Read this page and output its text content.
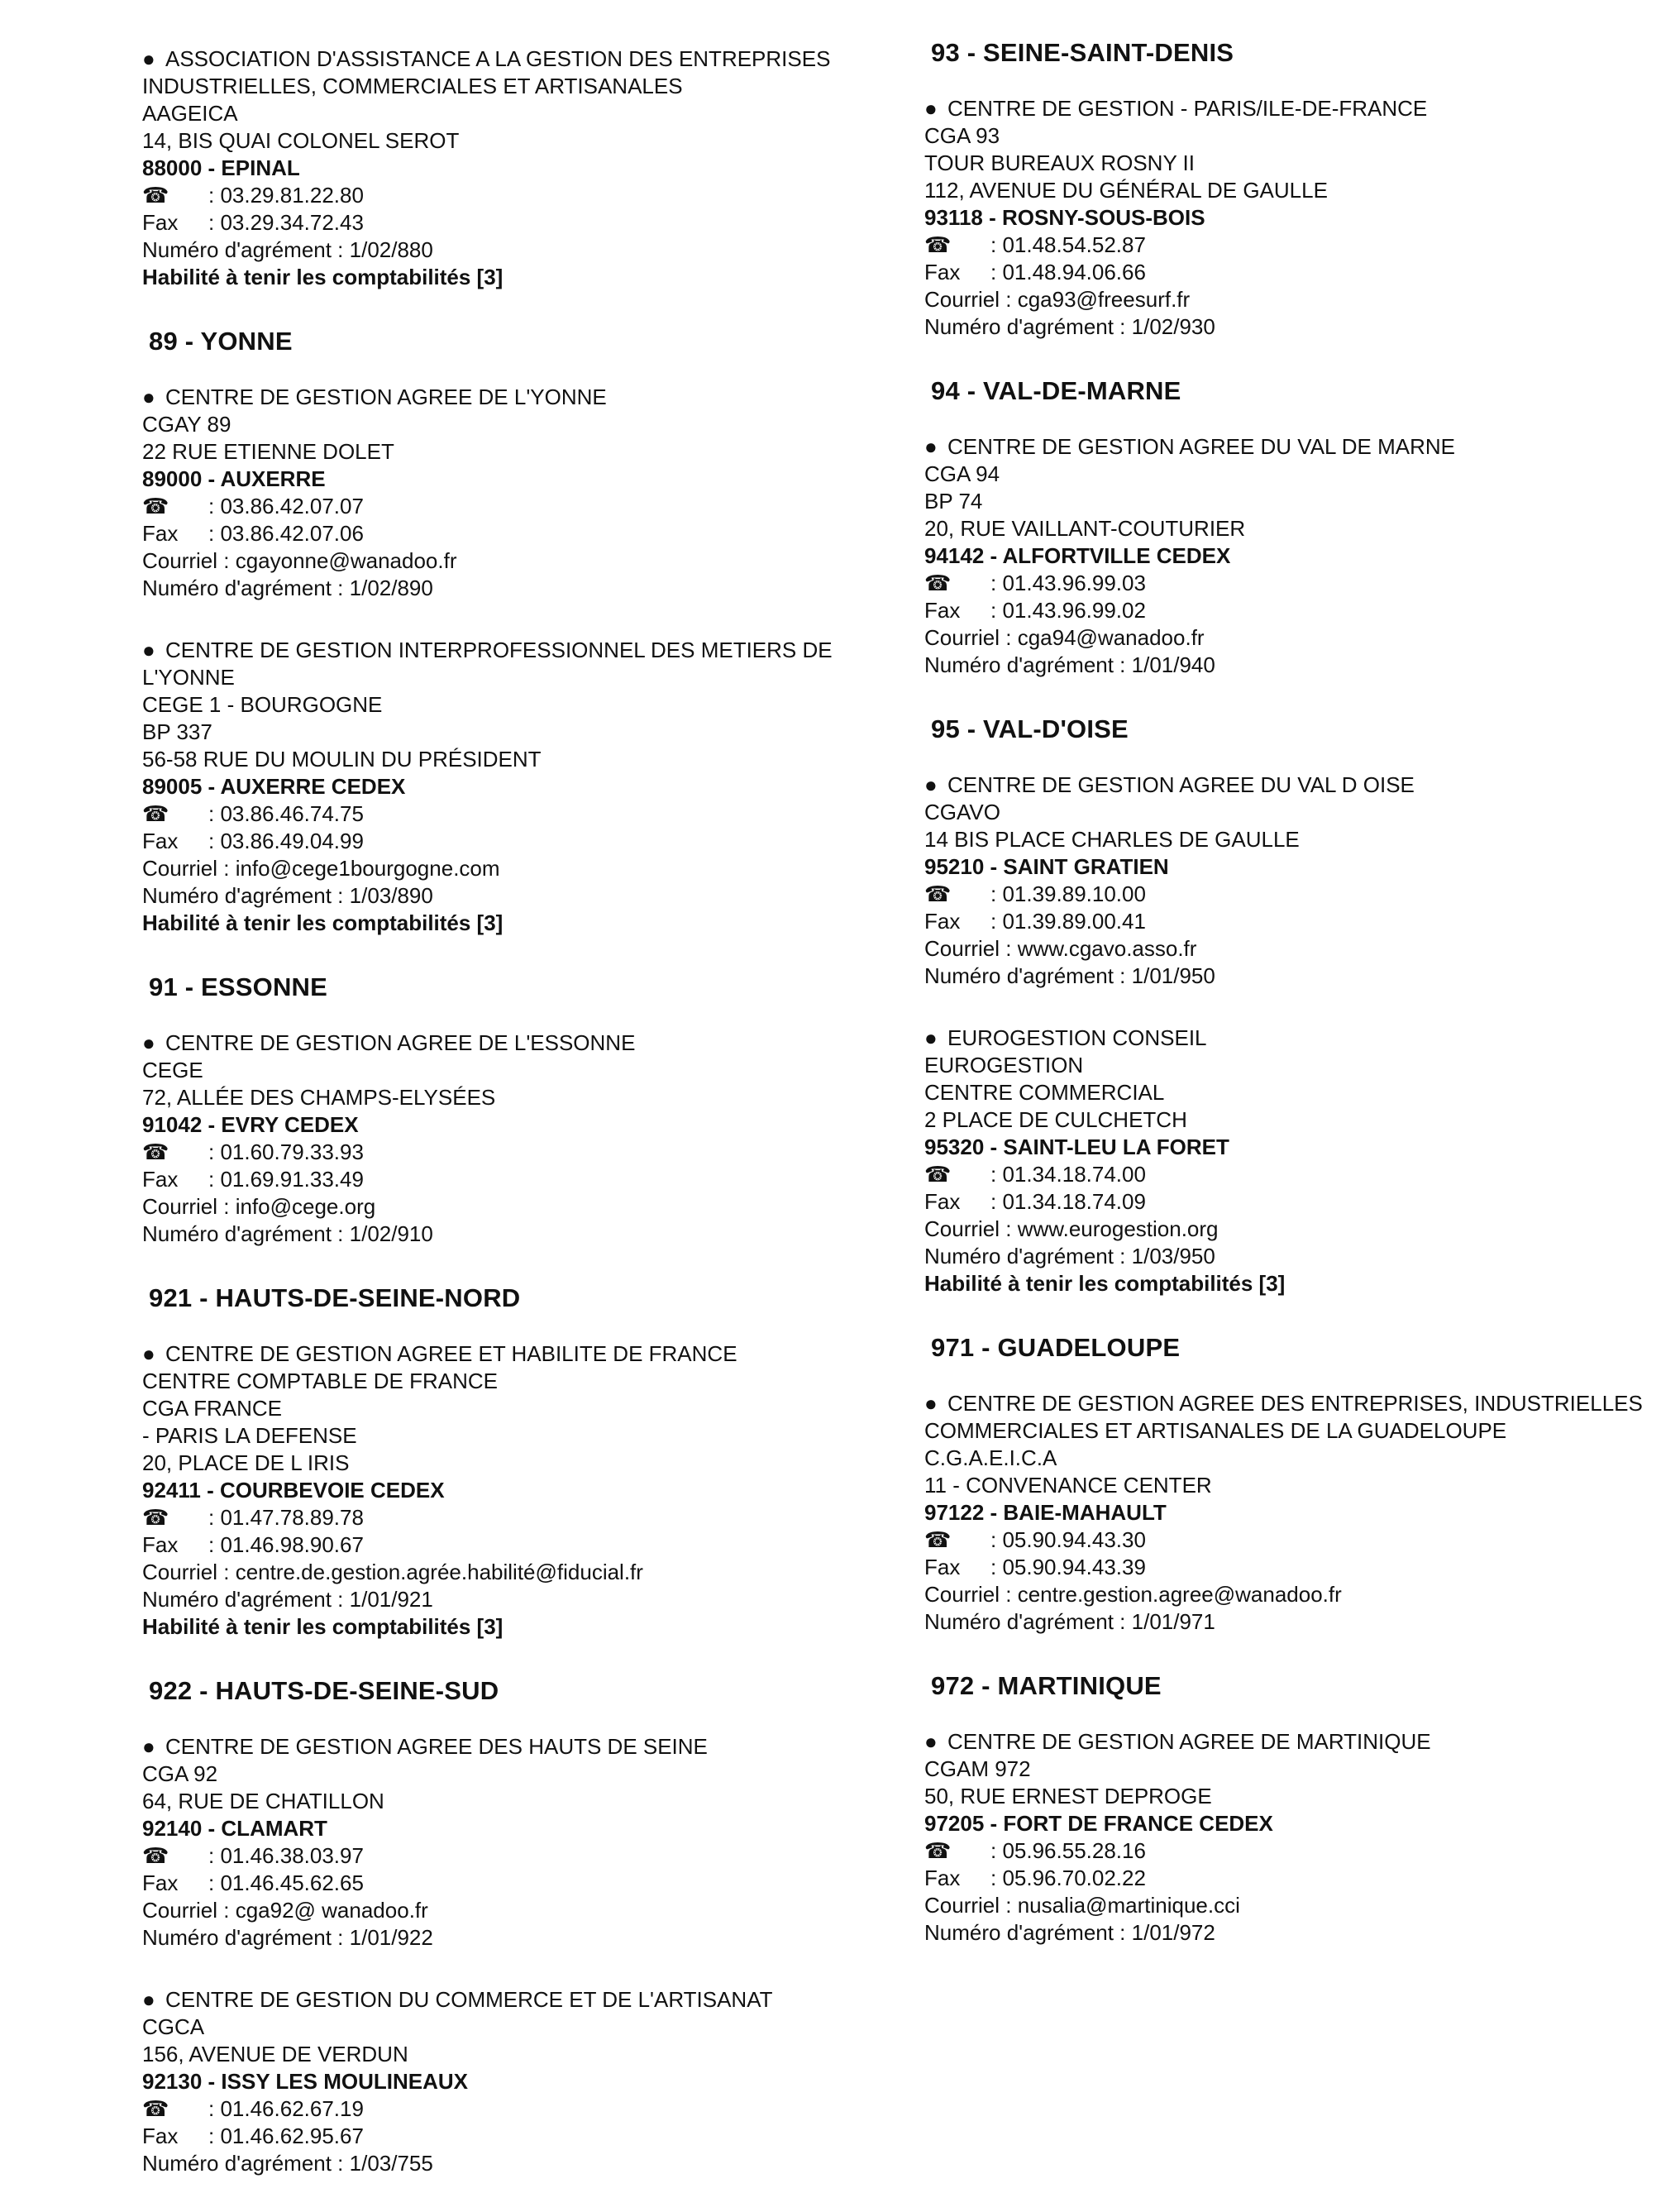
● ASSOCIATION D'ASSISTANCE A LA GESTION DES ENTREPRISES INDUSTRIELLES, COMMERCIALES ET ARTISANALES
AAGEICA
14, BIS QUAI COLONEL SEROT
88000 - EPINAL
☎	: 03.29.81.22.80
Fax	: 03.29.34.72.43
Numéro d'agrément : 1/02/880
Habilité à tenir les comptabilités [3]
89 - YONNE
● CENTRE DE GESTION AGREE DE L'YONNE
CGAY 89
22 RUE ETIENNE DOLET
89000 - AUXERRE
☎	: 03.86.42.07.07
Fax	: 03.86.42.07.06
Courriel : cgayonne@wanadoo.fr
Numéro d'agrément : 1/02/890
● CENTRE DE GESTION INTERPROFESSIONNEL DES METIERS DE L'YONNE
CEGE 1 - BOURGOGNE
BP 337
56-58 RUE DU MOULIN DU PRÉSIDENT
89005 - AUXERRE CEDEX
☎	: 03.86.46.74.75
Fax	: 03.86.49.04.99
Courriel : info@cege1bourgogne.com
Numéro d'agrément : 1/03/890
Habilité à tenir les comptabilités [3]
91 - ESSONNE
● CENTRE DE GESTION AGREE DE L'ESSONNE
CEGE
72, ALLÉE DES CHAMPS-ELYSÉES
91042 - EVRY CEDEX
☎	: 01.60.79.33.93
Fax	: 01.69.91.33.49
Courriel : info@cege.org
Numéro d'agrément : 1/02/910
921 - HAUTS-DE-SEINE-NORD
● CENTRE DE GESTION AGREE ET HABILITE DE FRANCE
CENTRE COMPTABLE DE FRANCE
CGA FRANCE
- PARIS LA DEFENSE
20, PLACE DE L IRIS
92411 - COURBEVOIE CEDEX
☎	: 01.47.78.89.78
Fax	: 01.46.98.90.67
Courriel : centre.de.gestion.agrée.habilité@fiducial.fr
Numéro d'agrément : 1/01/921
Habilité à tenir les comptabilités [3]
922 - HAUTS-DE-SEINE-SUD
● CENTRE DE GESTION AGREE DES HAUTS DE SEINE
CGA 92
64, RUE DE CHATILLON
92140 - CLAMART
☎	: 01.46.38.03.97
Fax	: 01.46.45.62.65
Courriel : cga92@ wanadoo.fr
Numéro d'agrément : 1/01/922
● CENTRE DE GESTION DU COMMERCE ET DE L'ARTISANAT
CGCA
156, AVENUE DE VERDUN
92130 - ISSY LES MOULINEAUX
☎	: 01.46.62.67.19
Fax	: 01.46.62.95.67
Numéro d'agrément : 1/03/755
93 - SEINE-SAINT-DENIS
● CENTRE DE GESTION - PARIS/ILE-DE-FRANCE
CGA 93
TOUR BUREAUX ROSNY II
112, AVENUE DU GÉNÉRAL DE GAULLE
93118 - ROSNY-SOUS-BOIS
☎	: 01.48.54.52.87
Fax	: 01.48.94.06.66
Courriel : cga93@freesurf.fr
Numéro d'agrément : 1/02/930
94 - VAL-DE-MARNE
● CENTRE DE GESTION AGREE DU VAL DE MARNE
CGA 94
BP 74
20, RUE VAILLANT-COUTURIER
94142 - ALFORTVILLE CEDEX
☎	: 01.43.96.99.03
Fax	: 01.43.96.99.02
Courriel : cga94@wanadoo.fr
Numéro d'agrément : 1/01/940
95 - VAL-D'OISE
● CENTRE DE GESTION AGREE DU VAL D OISE
CGAVO
14 BIS PLACE CHARLES DE GAULLE
95210 - SAINT GRATIEN
☎	: 01.39.89.10.00
Fax	: 01.39.89.00.41
Courriel : www.cgavo.asso.fr
Numéro d'agrément : 1/01/950
● EUROGESTION CONSEIL
EUROGESTION
CENTRE COMMERCIAL
2 PLACE DE CULCHETCH
95320 - SAINT-LEU LA FORET
☎	: 01.34.18.74.00
Fax	: 01.34.18.74.09
Courriel : www.eurogestion.org
Numéro d'agrément : 1/03/950
Habilité à tenir les comptabilités [3]
971 - GUADELOUPE
● CENTRE DE GESTION AGREE DES ENTREPRISES, INDUSTRIELLES COMMERCIALES ET ARTISANALES DE LA GUADELOUPE
C.G.A.E.I.C.A
11 - CONVENANCE CENTER
97122 - BAIE-MAHAULT
☎	: 05.90.94.43.30
Fax	: 05.90.94.43.39
Courriel : centre.gestion.agree@wanadoo.fr
Numéro d'agrément : 1/01/971
972 - MARTINIQUE
● CENTRE DE GESTION AGREE DE MARTINIQUE
CGAM 972
50, RUE ERNEST DEPROGE
97205 - FORT DE FRANCE CEDEX
☎	: 05.96.55.28.16
Fax	: 05.96.70.02.22
Courriel : nusalia@martinique.cci
Numéro d'agrément : 1/01/972
